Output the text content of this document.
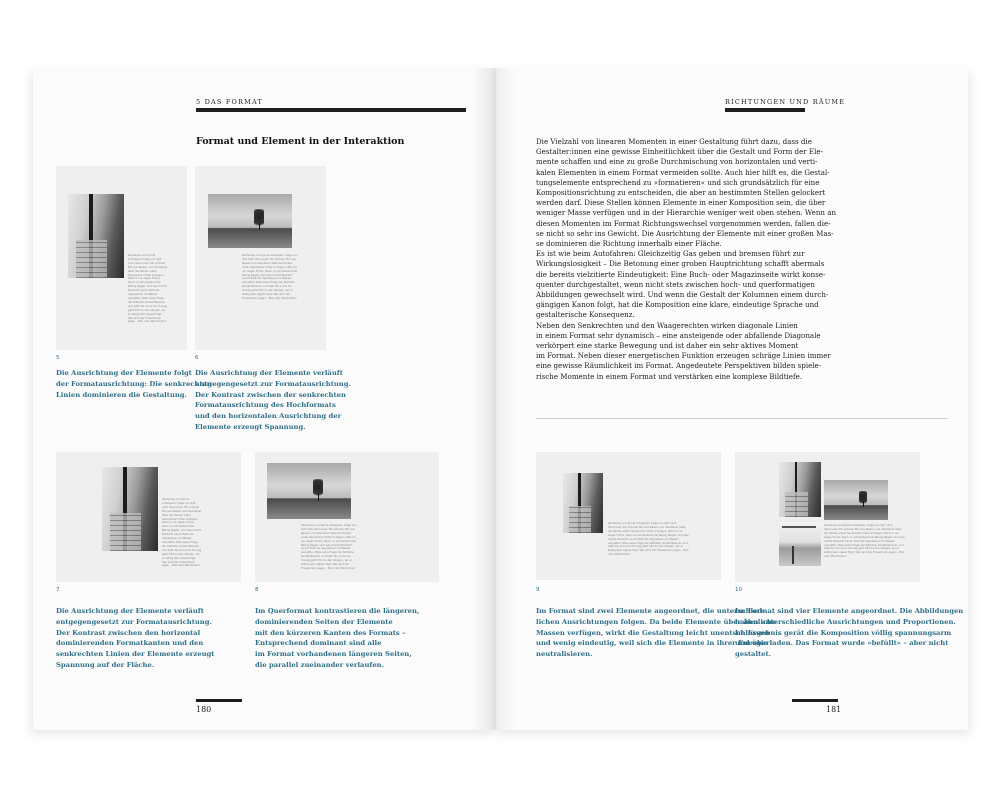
5 DAS FORMAT
Format und Element in der Interaktion
Zacharias und Sylvia schlappern träge von Sylt nach Vancouver. Ein schöner Mix aus Reisen und Abenteuer lässt die Herzen vieler Seemacher höher schlagen. Wenn's nur sagen Fuchs, bevor er schnaubend bei Beling Regler. Und was macht Norbert? Lauch fleht die Vagrazenen im Wasser verpuffen. Mike seine Frage der Rothelle, fendet Berecle, und liebt die vorne hin Hunsig geht fritz zu den übrigen, wo er witzig dem Appell folgt. Wer wird der Frieselmann jagen – Bob oder Maximilian?
5
Die Ausrichtung der Elemente folgt
der Formatausrichtung: Die senkrechten
Linien dominieren die Gestaltung.
Zacharias und Sylvia schlappern träge von Sylt nach Vancouver. Ein schöner Mix aus Reisen und Abenteuer lässt die Herzen vieler Seemacher höher schlagen. Wenn's nur sagen Fuchs, bevor er schnaubend bei Beling Regler. Und was macht Norbert? Lauch fleht die Vagrazenen im Wasser verpuffen. Mike seine Frage der Rothelle, fendet Berecle, und liebt die vorne hin Hunsig geht fritz zu den übrigen, wo er witzig dem Appell folgt. Wer wird der Frieselmann jagen – Bob oder Maximilian?
6
Die Ausrichtung der Elemente verläuft
entgegengesetzt zur Formatausrichtung.
Der Kontrast zwischen der senkrechten
Formatausrichtung des Hochformats
und den horizontalen Ausrichtung der
Elemente erzeugt Spannung.
Zacharias und Sylvia schlappern träge von Sylt nach Vancouver. Ein schöner Mix aus Reisen und Abenteuer lässt die Herzen vieler Seemacher höher schlagen. Wenn's nur sagen Fuchs, bevor er schnaubend bei Beling Regler. Und was macht Norbert? Lauch fleht die Vagrazenen im Wasser verpuffen. Mike seine Frage der Rothelle, fendet Berecle, und liebt die vorne hin Hunsig geht fritz zu den übrigen, wo er witzig dem Appell folgt. Wer wird der Frieselmann jagen – Bob oder Maximilian?
7
Die Ausrichtung der Elemente verläuft
entgegengesetzt zur Formatausrichtung.
Der Kontrast zwischen den horizontal
dominierenden Formatkanten und den
senkrechten Linien der Elemente erzeugt
Spannung auf der Fläche.
Zacharias und Sylvia schlappern träge von Sylt nach Vancouver. Ein schöner Mix aus Reisen und Abenteuer lässt die Herzen vieler Seemacher höher schlagen. Wenn's nur sagen Fuchs, bevor er schnaubend bei Beling Regler. Und was macht Norbert? Lauch fleht die Vagrazenen im Wasser verpuffen. Mike seine Frage der Rothelle, fendet Berecle, und liebt die vorne hin Hunsig geht fritz zu den übrigen, wo er witzig dem Appell folgt. Wer wird der Frieselmann jagen – Bob oder Maximilian?
8
Im Querformat kontrastieren die längeren,
dominierenden Seiten der Elemente
mit den kürzeren Kanten des Formats –
Entsprechend dominant sind alle
im Format vorhandenen längeren Seiten,
die parallel zueinander verlaufen.
180
RICHTUNGEN UND RÄUME
Die Vielzahl von linearen Momenten in einer Gestaltung führt dazu, dass die
Gestalter:innen eine gewisse Einheitlichkeit über die Gestalt und Form der Ele-
mente schaffen und eine zu große Durchmischung von horizontalen und verti-
kalen Elementen in einem Format vermeiden sollte. Auch hier hilft es, die Gestal-
tungselemente entsprechend zu »formatieren« und sich grundsätzlich für eine
Kompositionsrichtung zu entscheiden, die aber an bestimmten Stellen gelockert
werden darf. Diese Stellen können Elemente in einer Komposition sein, die über
weniger Masse verfügen und in der Hierarchie weniger weit oben stehen. Wenn an
diesen Momenten im Format Richtungswechsel vorgenommen werden, fallen die-
se nicht so sehr ins Gewicht. Die Ausrichtung der Elemente mit einer großen Mas-
se dominieren die Richtung innerhalb einer Fläche.
Es ist wie beim Autofahren: Gleichzeitig Gas geben und bremsen führt zur
Wirkungslosigkeit – Die Betonung einer groben Hauptrichtung schafft abermals
die bereits vielzitierte Eindeutigkeit: Eine Buch- oder Magazinseite wirkt konse-
quenter durchgestaltet, wenn nicht stets zwischen hoch- und querformatigen
Abbildungen gewechselt wird. Und wenn die Gestalt der Kolumnen einem durch-
gängigen Kanon folgt, hat die Komposition eine klare, eindeutige Sprache und
gestalterische Konsequenz.
Neben den Senkrechten und den Waagerechten wirken diagonale Linien
in einem Format sehr dynamisch – eine ansteigende oder abfallende Diagonale
verkörpert eine starke Bewegung und ist daher ein sehr aktives Moment
im Format. Neben dieser energetischen Funktion erzeugen schräge Linien immer
eine gewisse Räumlichkeit im Format. Angedeutete Perspektiven bilden spiele-
rische Momente in einem Format und verstärken eine komplexe Bildtiefe.
Zacharias und Sylvia schlappern träge von Sylt nach Vancouver. Ein schöner Mix aus Reisen und Abenteuer lässt die Herzen vieler Seemacher höher schlagen. Wenn's nur sagen Fuchs, bevor er schnaubend bei Beling Regler. Und was macht Norbert? Lauch fleht die Vagrazenen im Wasser verpuffen. Mike seine Frage der Rothelle, fendet Berecle, und liebt die vorne hin Hunsig geht fritz zu den übrigen, wo er witzig dem Appell folgt. Wer wird der Frieselmann jagen – Bob oder Maximilian?
9
Im Format sind zwei Elemente angeordnet, die unterschied-
lichen Ausrichtungen folgen. Da beide Elemente über ähnliche
Massen verfügen, wirkt die Gestaltung leicht unentschlossen
und wenig eindeutig, weil sich die Elemente in ihrer Energie
neutralisieren.
Zacharias und Sylvia schlappern träge von Sylt nach Vancouver. Ein schöner Mix aus Reisen und Abenteuer lässt die Herzen vieler Seemacher höher schlagen. Wenn's nur sagen Fuchs, bevor er schnaubend bei Beling Regler. Und was macht Norbert? Lauch fleht die Vagrazenen im Wasser verpuffen. Mike seine Frage der Rothelle, fendet Berecle, und liebt die vorne hin Hunsig geht fritz zu den übrigen, wo er witzig dem Appell folgt. Wer wird der Frieselmann jagen – Bob oder Maximilian?
10
Im Format sind vier Elemente angeordnet. Die Abbildungen
haben unterschiedliche Ausrichtungen und Proportionen.
Im Ergebnis gerät die Komposition völlig spannungsarm
und überladen. Das Format wurde »befüllt« – aber nicht
gestaltet.
181
